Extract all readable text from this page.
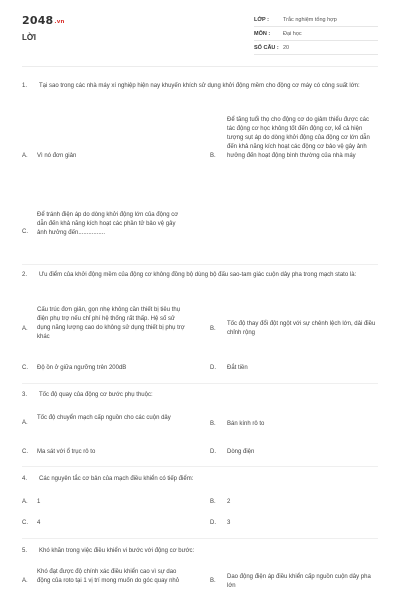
2048.vn
LỜI
LỚP :	Trắc nghiệm tổng hợp
MÔN : Đại học
SỐ CÂU : 20
1. Tại sao trong các nhà máy xí nghiệp hiện nay khuyến khích sử dụng khởi động mềm cho động cơ máy có công suất lớn:
A. Vì nó đơn giản	B.
Để tăng tuổi thọ cho động cơ do giảm thiểu được các tác động cơ học không tốt đến động cơ, kể cả hiện tượng sụt áp do dòng khởi động của động cơ lớn dẫn đến khả năng kích hoạt các động cơ bảo vệ gây ảnh hưởng đến hoạt động bình thường của nhà máy
C.
Để tránh điện áp do dòng khởi động lớn của động cơ dẫn đến khả năng kích hoạt các phần tử bảo vệ gây ảnh hưởng đến................
2. Ưu điểm của khởi động mềm của động cơ không đồng bộ dùng bộ đấu sao-tam giác cuộn dây pha trong mạch stato là:
A.
Cấu trúc đơn giản, gọn nhẹ không cần thiết bị tiêu thụ điện phụ trợ nếu chỉ phí hệ thống rất thấp. Hệ số sử dụng năng lượng cao do không sử dụng thiết bị phụ trợ khác
B.
Tốc độ thay đổi đột ngột với sự chênh lệch lớn, dải điều chỉnh rộng
C. Độ ồn ở giữa ngưỡng trên 200dB	D. Đắt tiền
3. Tốc độ quay của động cơ bước phụ thuộc:
A.
Tốc độ chuyển mạch cấp nguồn cho các cuộn dây
B. Bán kính rô to
C. Ma sát với ổ trục rô to	D. Dòng điện
4. Các nguyên tắc cơ bản của mạch điều khiển có tiếp điểm:
A. 1	B. 2
C. 4	D. 3
5. Khó khăn trong việc điều khiển vi bước với động cơ bước:
A.
Khó đạt được độ chính xác điều khiển cao vì sự dao động của roto tại 1 vị trí mong muốn do góc quay nhỏ	B.
Dao động điện áp điều khiển cấp nguồn cuộn dây pha lớn
